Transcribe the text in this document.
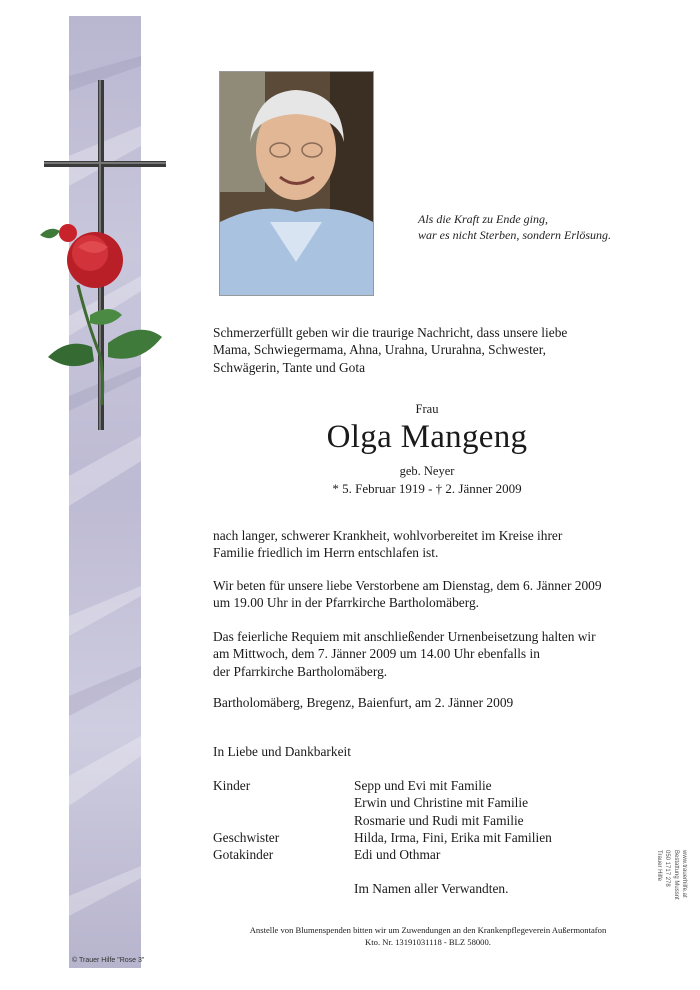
© Trauer Hilfe "Rose 3"
Als die Kraft zu Ende ging,
war es nicht Sterben, sondern Erlösung.
Schmerzerfüllt geben wir die traurige Nachricht, dass unsere liebe
Mama, Schwiegermama, Ahna, Urahna, Ururahna, Schwester,
Schwägerin, Tante und Gota
Frau
Olga Mangeng
geb. Neyer
* 5. Februar 1919 - † 2. Jänner 2009
nach langer, schwerer Krankheit, wohlvorbereitet im Kreise ihrer
Familie friedlich im Herrn entschlafen ist.
Wir beten für unsere liebe Verstorbene am Dienstag, dem 6. Jänner 2009
um 19.00 Uhr in der Pfarrkirche Bartholomäberg.
Das feierliche Requiem mit anschließender Urnenbeisetzung halten wir
am Mittwoch, dem 7. Jänner 2009 um 14.00 Uhr ebenfalls in
der Pfarrkirche Bartholomäberg.
Bartholomäberg, Bregenz, Baienfurt, am 2. Jänner 2009
In Liebe und Dankbarkeit
Kinder	Sepp und Evi mit Familie
Erwin und Christine mit Familie
Rosmarie und Rudi mit Familie
Geschwister	Hilda, Irma, Fini, Erika mit Familien
Gotakinder	Edi und Othmar
Im Namen aller Verwandten.
Anstelle von Blumenspenden bitten wir um Zuwendungen an den Krankenpflegeverein Außermontafon
Kto. Nr. 13191031118 - BLZ 58000.
Trauer Hilfe 050 1717 278 Bestattung Mussnt www.trauerhilfe.at
